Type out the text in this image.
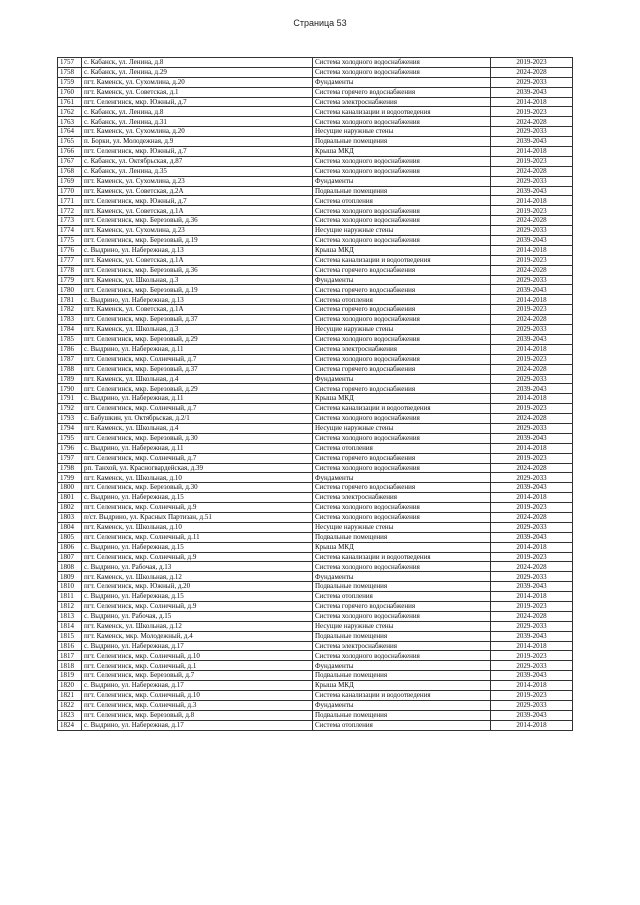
Страница 53
1757	с. Кабанск, ул. Ленина, д.8	Система холодного водоснабжения	2019-2023
1758	с. Кабанск, ул. Ленина, д.29	Система холодного водоснабжения	2024-2028
1759	пгт. Каменск, ул. Сухомлина, д.20	Фундаменты	2029-2033
1760	пгт. Каменск, ул. Советская, д.1	Система горячего водоснабжения	2039-2043
1761	пгт. Селенгинск, мкр. Южный, д.7	Система электроснабжения	2014-2018
1762	с. Кабанск, ул. Ленина, д.8	Система канализации и водоотведения	2019-2023
1763	с. Кабанск, ул. Ленина, д.31	Система холодного водоснабжения	2024-2028
1764	пгт. Каменск, ул. Сухомлина, д.20	Несущие наружные стены	2029-2033
1765	п. Борки, ул. Молодежная, д.9	Подвальные помещения	2039-2043
1766	пгт. Селенгинск, мкр. Южный, д.7	Крыша МКД	2014-2018
1767	с. Кабанск, ул. Октябрьская, д.87	Система холодного водоснабжения	2019-2023
1768	с. Кабанск, ул. Ленина, д.35	Система холодного водоснабжения	2024-2028
1769	пгт. Каменск, ул. Сухомлина, д.23	Фундаменты	2029-2033
1770	пгт. Каменск, ул. Советская, д.2А	Подвальные помещения	2039-2043
1771	пгт. Селенгинск, мкр. Южный, д.7	Система отопления	2014-2018
1772	пгт. Каменск, ул. Советская, д.1А	Система холодного водоснабжения	2019-2023
1773	пгт. Селенгинск, мкр. Березовый, д.36	Система холодного водоснабжения	2024-2028
1774	пгт. Каменск, ул. Сухомлина, д.23	Несущие наружные стены	2029-2033
1775	пгт. Селенгинск, мкр. Березовый, д.19	Система холодного водоснабжения	2039-2043
1776	с. Выдрино, ул. Набережная, д.13	Крыша МКД	2014-2018
1777	пгт. Каменск, ул. Советская, д.1А	Система канализации и водоотведения	2019-2023
1778	пгт. Селенгинск, мкр. Березовый, д.36	Система горячего водоснабжения	2024-2028
1779	пгт. Каменск, ул. Школьная, д.3	Фундаменты	2029-2033
1780	пгт. Селенгинск, мкр. Березовый, д.19	Система горячего водоснабжения	2039-2043
1781	с. Выдрино, ул. Набережная, д.13	Система отопления	2014-2018
1782	пгт. Каменск, ул. Советская, д.1А	Система горячего водоснабжения	2019-2023
1783	пгт. Селенгинск, мкр. Березовый, д.37	Система холодного водоснабжения	2024-2028
1784	пгт. Каменск, ул. Школьная, д.3	Несущие наружные стены	2029-2033
1785	пгт. Селенгинск, мкр. Березовый, д.29	Система холодного водоснабжения	2039-2043
1786	с. Выдрино, ул. Набережная, д.11	Система электроснабжения	2014-2018
1787	пгт. Селенгинск, мкр. Солнечный, д.7	Система холодного водоснабжения	2019-2023
1788	пгт. Селенгинск, мкр. Березовый, д.37	Система горячего водоснабжения	2024-2028
1789	пгт. Каменск, ул. Школьная, д.4	Фундаменты	2029-2033
1790	пгт. Селенгинск, мкр. Березовый, д.29	Система горячего водоснабжения	2039-2043
1791	с. Выдрино, ул. Набережная, д.11	Крыша МКД	2014-2018
1792	пгт. Селенгинск, мкр. Солнечный, д.7	Система канализации и водоотведения	2019-2023
1793	с. Бабушкин, ул. Октябрьская, д.2/1	Система холодного водоснабжения	2024-2028
1794	пгт. Каменск, ул. Школьная, д.4	Несущие наружные стены	2029-2033
1795	пгт. Селенгинск, мкр. Березовый, д.30	Система холодного водоснабжения	2039-2043
1796	с. Выдрино, ул. Набережная, д.11	Система отопления	2014-2018
1797	пгт. Селенгинск, мкр. Солнечный, д.7	Система горячего водоснабжения	2019-2023
1798	рп. Танхой, ул. Красногвардейская, д.39	Система холодного водоснабжения	2024-2028
1799	пгт. Каменск, ул. Школьная, д.10	Фундаменты	2029-2033
1800	пгт. Селенгинск, мкр. Березовый, д.30	Система горячего водоснабжения	2039-2043
1801	с. Выдрино, ул. Набережная, д.15	Система электроснабжения	2014-2018
1802	пгт. Селенгинск, мкр. Солнечный, д.9	Система холодного водоснабжения	2019-2023
1803	п/ст. Выдрино, ул. Красных Партизан, д.51	Система холодного водоснабжения	2024-2028
1804	пгт. Каменск, ул. Школьная, д.10	Несущие наружные стены	2029-2033
1805	пгт. Селенгинск, мкр. Солнечный, д.11	Подвальные помещения	2039-2043
1806	с. Выдрино, ул. Набережная, д.15	Крыша МКД	2014-2018
1807	пгт. Селенгинск, мкр. Солнечный, д.9	Система канализации и водоотведения	2019-2023
1808	с. Выдрино, ул. Рабочая, д.13	Система холодного водоснабжения	2024-2028
1809	пгт. Каменск, ул. Школьная, д.12	Фундаменты	2029-2033
1810	пгт. Селенгинск, мкр. Южный, д.20	Подвальные помещения	2039-2043
1811	с. Выдрино, ул. Набережная, д.15	Система отопления	2014-2018
1812	пгт. Селенгинск, мкр. Солнечный, д.9	Система горячего водоснабжения	2019-2023
1813	с. Выдрино, ул. Рабочая, д.15	Система холодного водоснабжения	2024-2028
1814	пгт. Каменск, ул. Школьная, д.12	Несущие наружные стены	2029-2033
1815	пгт. Каменск, мкр. Молодежный, д.4	Подвальные помещения	2039-2043
1816	с. Выдрино, ул. Набережная, д.17	Система электроснабжения	2014-2018
1817	пгт. Селенгинск, мкр. Солнечный, д.10	Система холодного водоснабжения	2019-2023
1818	пгт. Селенгинск, мкр. Солнечный, д.1	Фундаменты	2029-2033
1819	пгт. Селенгинск, мкр. Березовый, д.7	Подвальные помещения	2039-2043
1820	с. Выдрино, ул. Набережная, д.17	Крыша МКД	2014-2018
1821	пгт. Селенгинск, мкр. Солнечный, д.10	Система канализации и водоотведения	2019-2023
1822	пгт. Селенгинск, мкр. Солнечный, д.3	Фундаменты	2029-2033
1823	пгт. Селенгинск, мкр. Березовый, д.8	Подвальные помещения	2039-2043
1824	с. Выдрино, ул. Набережная, д.17	Система отопления	2014-2018
